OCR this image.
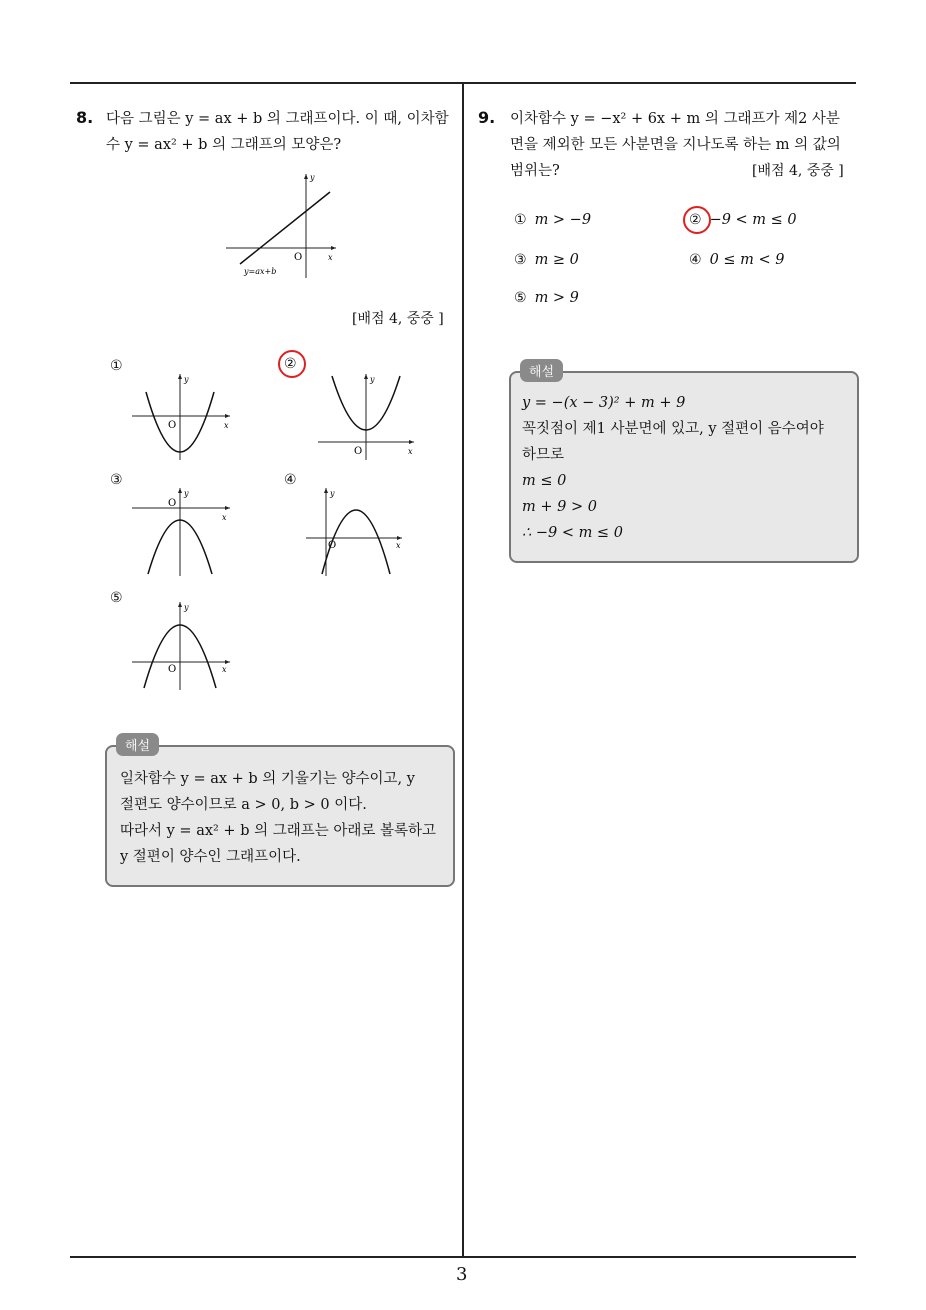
8. 다음 그림은 y = ax + b 의 그래프이다. 이 때, 이차함
수 y = ax² + b 의 그래프의 모양은?
y
x
O
y=ax+b
[배점 4, 중중 ]
①
y
x
O
②
y
x
O
③
y
x
O
④
y
x
O
⑤
y
x
O
해설
일차함수 y = ax + b 의 기울기는 양수이고, y
절편도 양수이므로 a > 0, b > 0 이다.
따라서 y = ax² + b 의 그래프는 아래로 볼록하고
y 절편이 양수인 그래프이다.
9. 이차함수 y = −x² + 6x + m 의 그래프가 제2 사분
면을 제외한 모든 사분면을 지나도록 하는 m 의 값의
범위는?	[배점 4, 중중 ]
① m > −9	② −9 < m ≤ 0
③ m ≥ 0	④ 0 ≤ m < 9
⑤ m > 9
해설
y = −(x − 3)² + m + 9
꼭짓점이 제1 사분면에 있고, y 절편이 음수여야
하므로
m ≤ 0
m + 9 > 0
∴ −9 < m ≤ 0
3
